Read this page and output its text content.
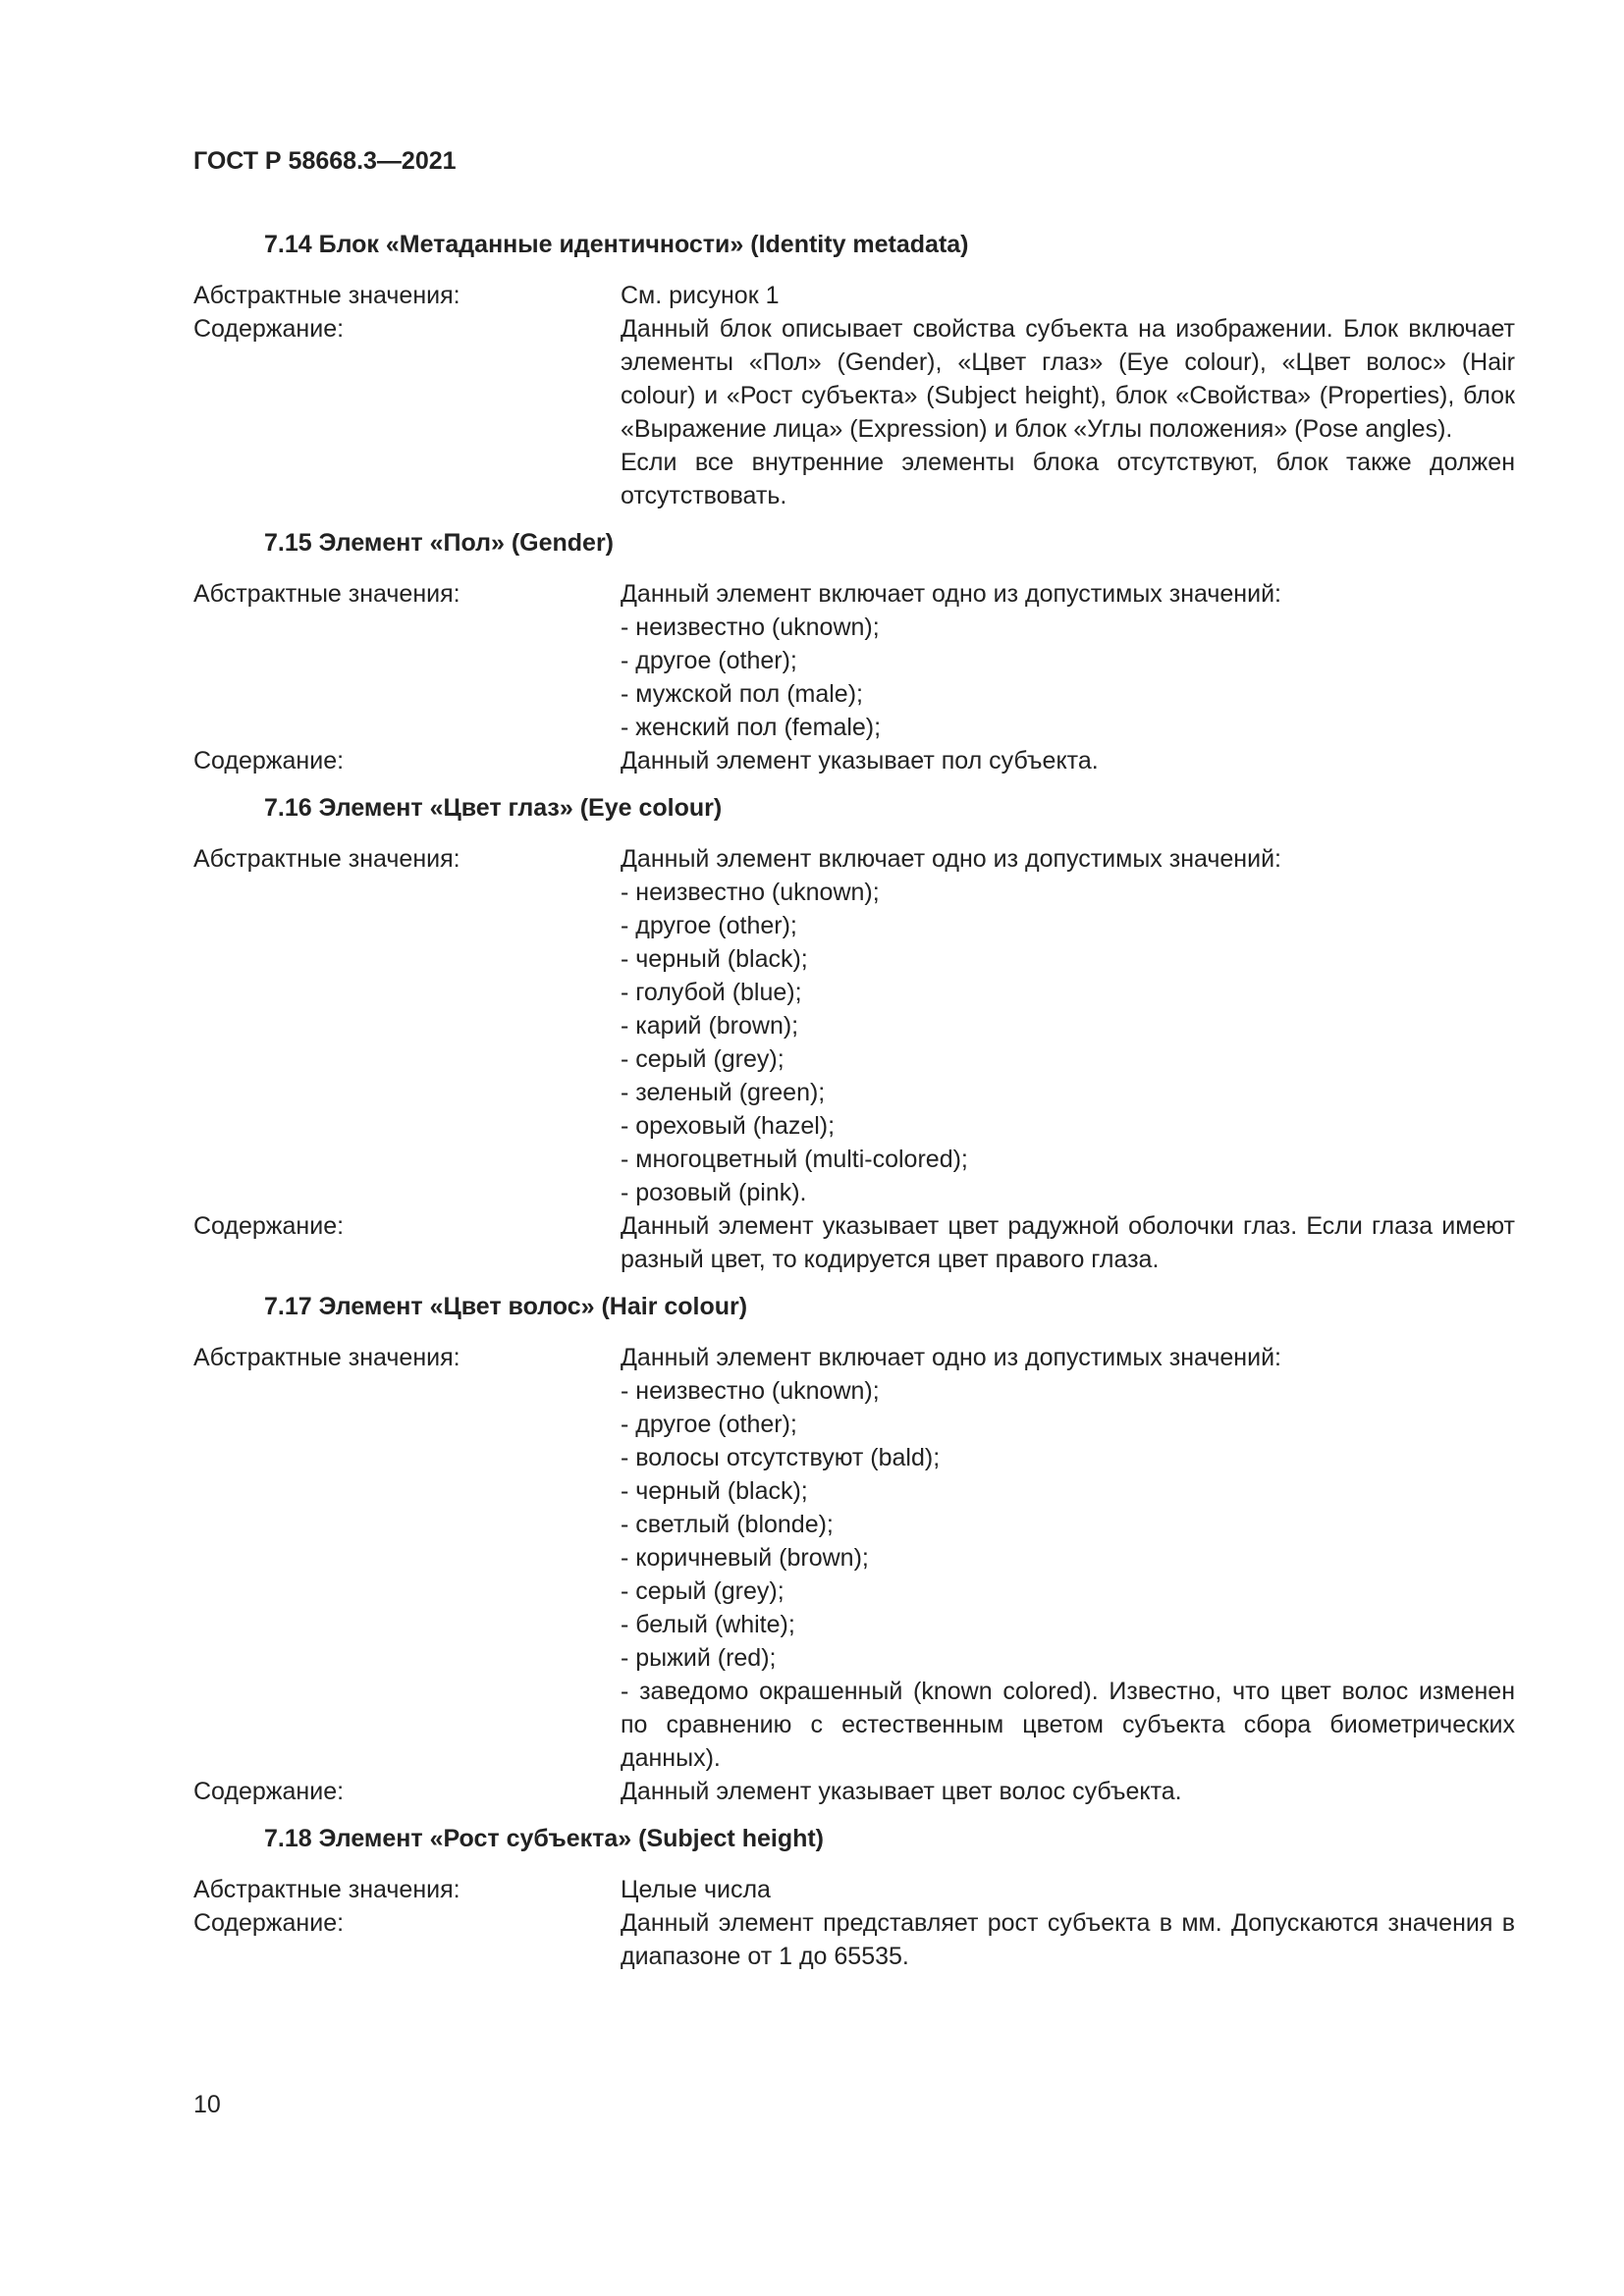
ГОСТ Р 58668.3—2021
7.14 Блок «Метаданные идентичности» (Identity metadata)
Абстрактные значения:	См. рисунок 1
Содержание:	Данный блок описывает свойства субъекта на изображении. Блок включает элементы «Пол» (Gender), «Цвет глаз» (Eye colour), «Цвет волос» (Hair colour) и «Рост субъекта» (Subject height), блок «Свойства» (Properties), блок «Выражение лица» (Expression) и блок «Углы положения» (Pose angles).
Если все внутренние элементы блока отсутствуют, блок также должен отсутствовать.
7.15 Элемент «Пол» (Gender)
Абстрактные значения:	Данный элемент включает одно из допустимых значений:
- неизвестно (uknown);
- другое (other);
- мужской пол (male);
- женский пол (female);
Содержание:	Данный элемент указывает пол субъекта.
7.16 Элемент «Цвет глаз» (Eye colour)
Абстрактные значения:	Данный элемент включает одно из допустимых значений:
- неизвестно (uknown);
- другое (other);
- черный (black);
- голубой (blue);
- карий (brown);
- серый (grey);
- зеленый (green);
- ореховый (hazel);
- многоцветный (multi-colored);
- розовый (pink).
Содержание:	Данный элемент указывает цвет радужной оболочки глаз. Если глаза имеют разный цвет, то кодируется цвет правого глаза.
7.17 Элемент «Цвет волос» (Hair colour)
Абстрактные значения:	Данный элемент включает одно из допустимых значений:
- неизвестно (uknown);
- другое (other);
- волосы отсутствуют (bald);
- черный (black);
- светлый (blonde);
- коричневый (brown);
- серый (grey);
- белый (white);
- рыжий (red);
- заведомо окрашенный (known colored). Известно, что цвет волос изменен по сравнению с естественным цветом субъекта сбора биометрических данных).
Содержание:	Данный элемент указывает цвет волос субъекта.
7.18 Элемент «Рост субъекта» (Subject height)
Абстрактные значения:	Целые числа
Содержание:	Данный элемент представляет рост субъекта в мм. Допускаются значения в диапазоне от 1 до 65535.
10
